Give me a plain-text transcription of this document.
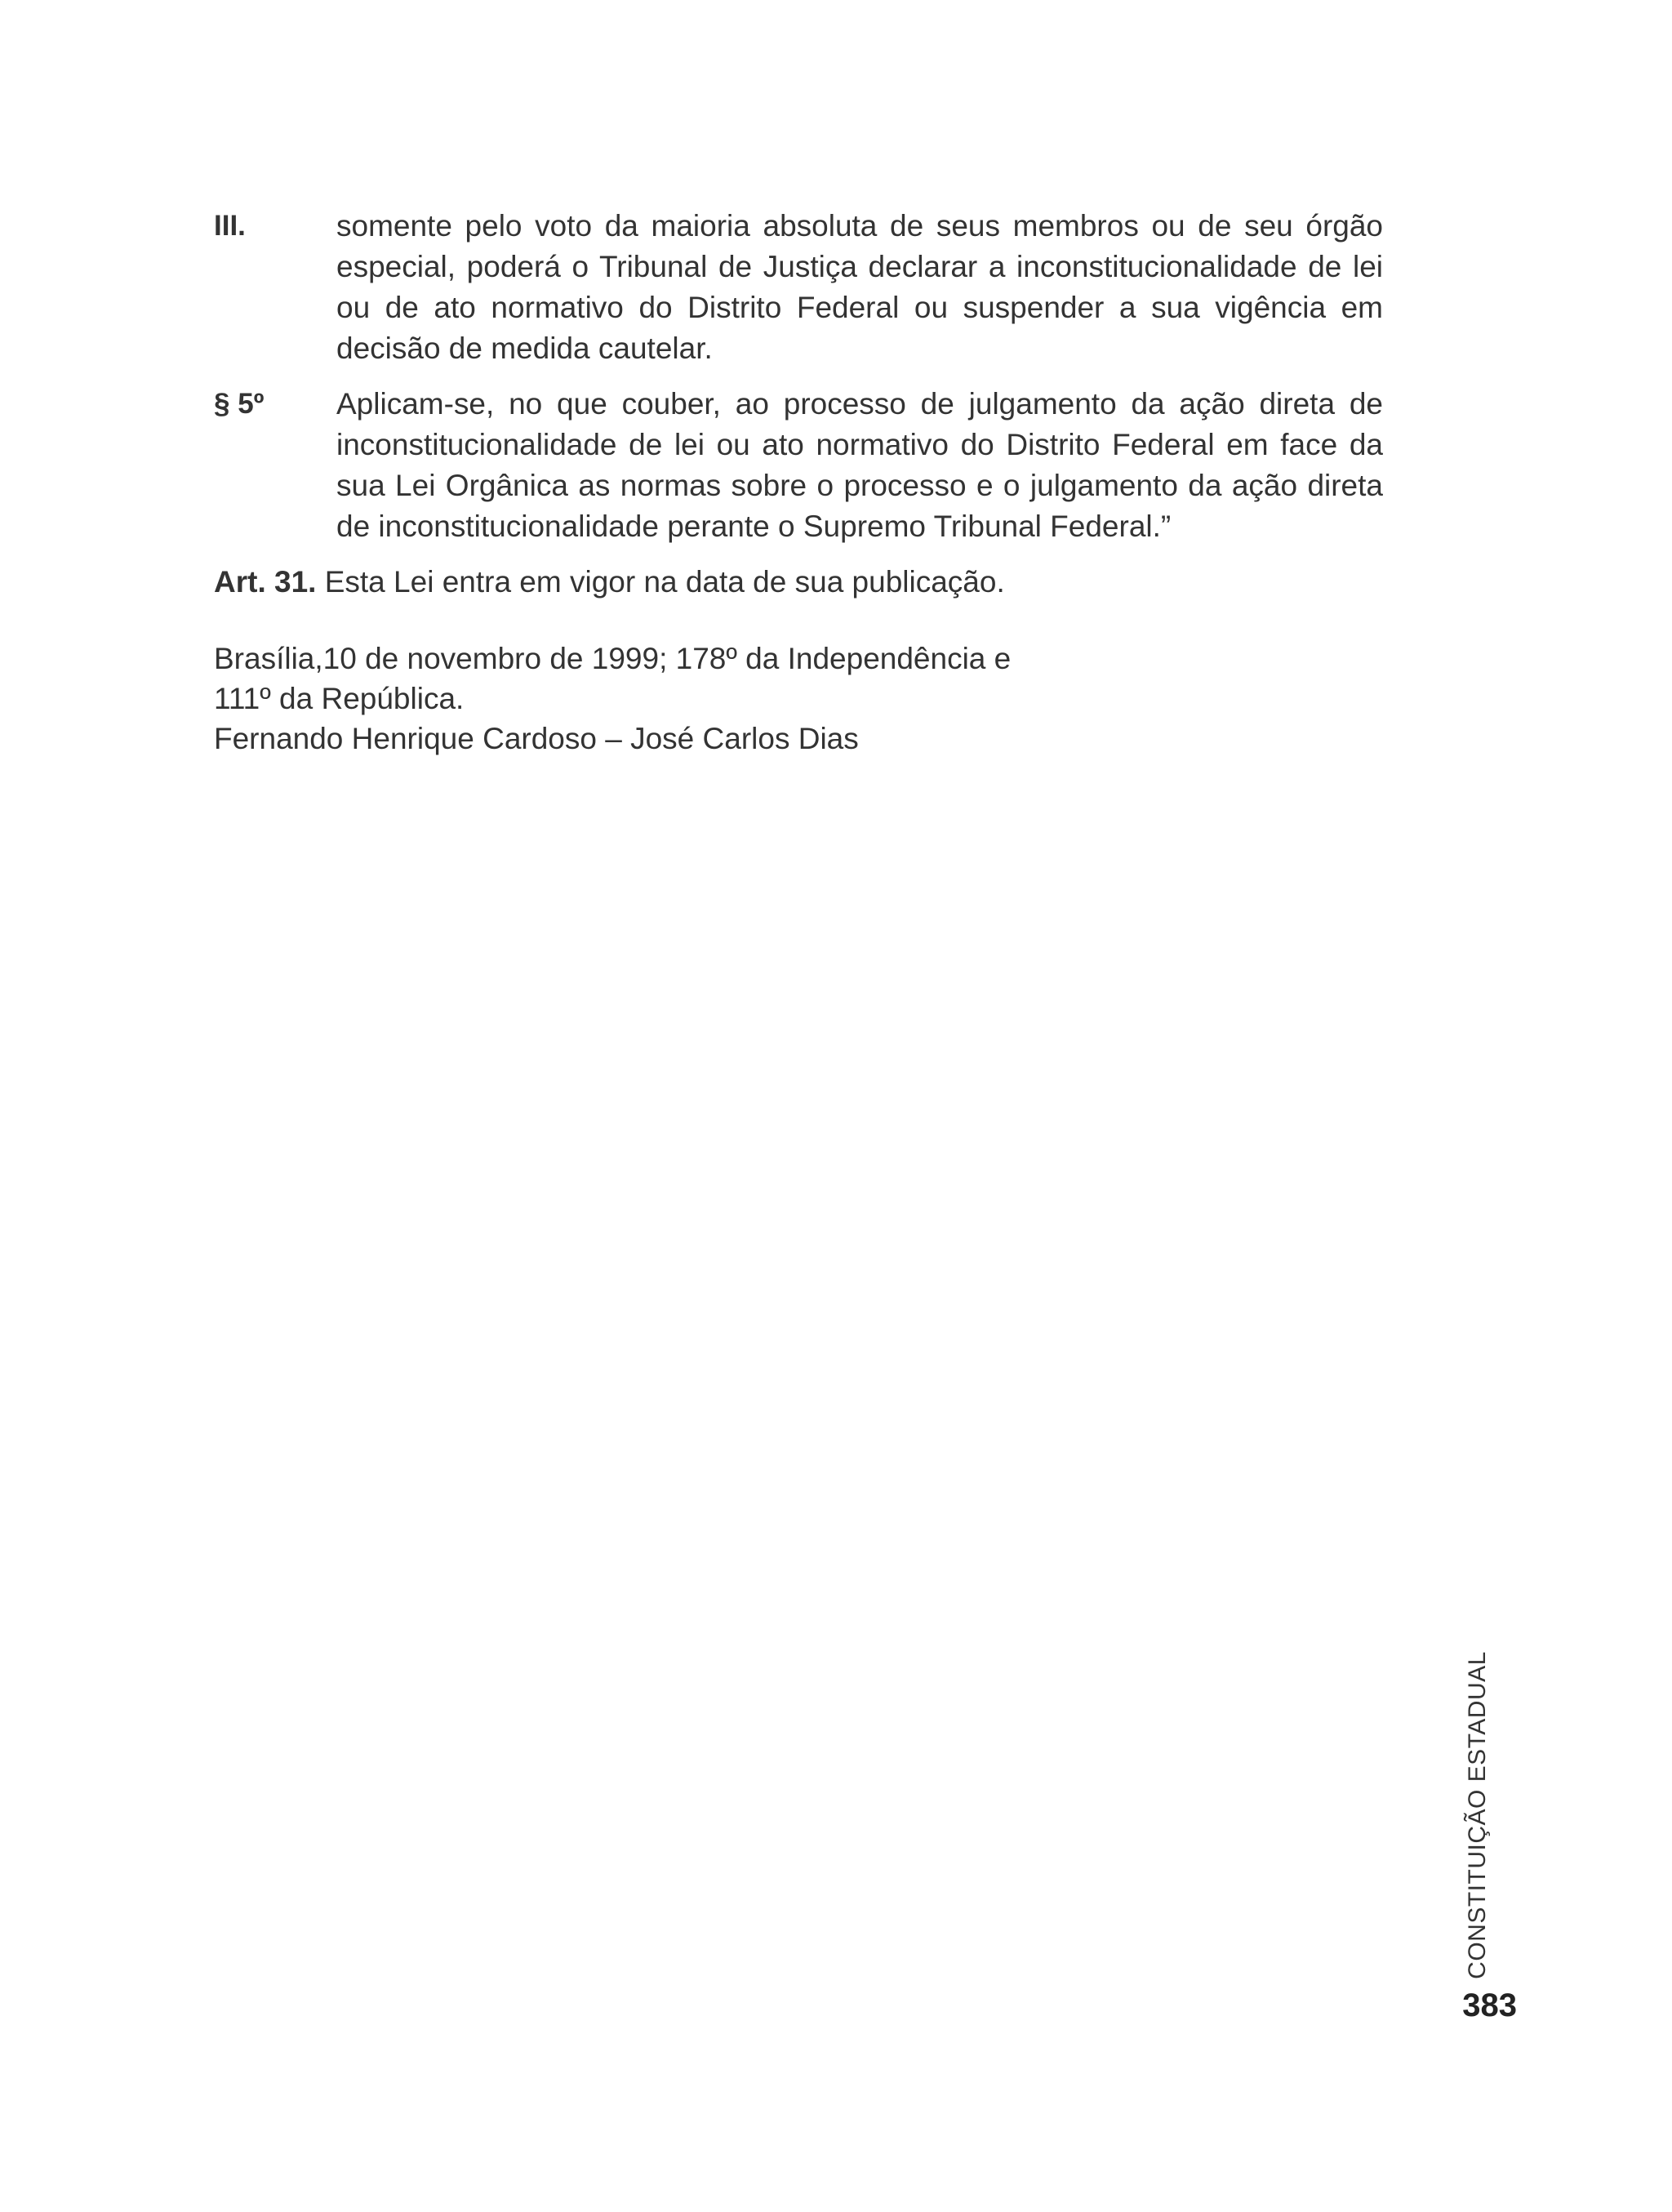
III.	somente pelo voto da maioria absoluta de seus membros ou de seu órgão especial, poderá o Tribunal de Justiça declarar a inconstitucionalidade de lei ou de ato normativo do Distrito Federal ou suspender a sua vigência em decisão de medida cautelar.
§ 5º	Aplicam-se, no que couber, ao processo de julgamento da ação direta de inconstitucionalidade de lei ou ato normativo do Distrito Federal em face da sua Lei Orgânica as normas sobre o processo e o julgamento da ação direta de inconstitucionalidade perante o Supremo Tribunal Federal.”
Art. 31. Esta Lei entra em vigor na data de sua publicação.

Brasília,10 de novembro de 1999; 178º da Independência e

111º da República.

Fernando Henrique Cardoso – José Carlos Dias

CONSTITUIÇÃO ESTADUAL
383
